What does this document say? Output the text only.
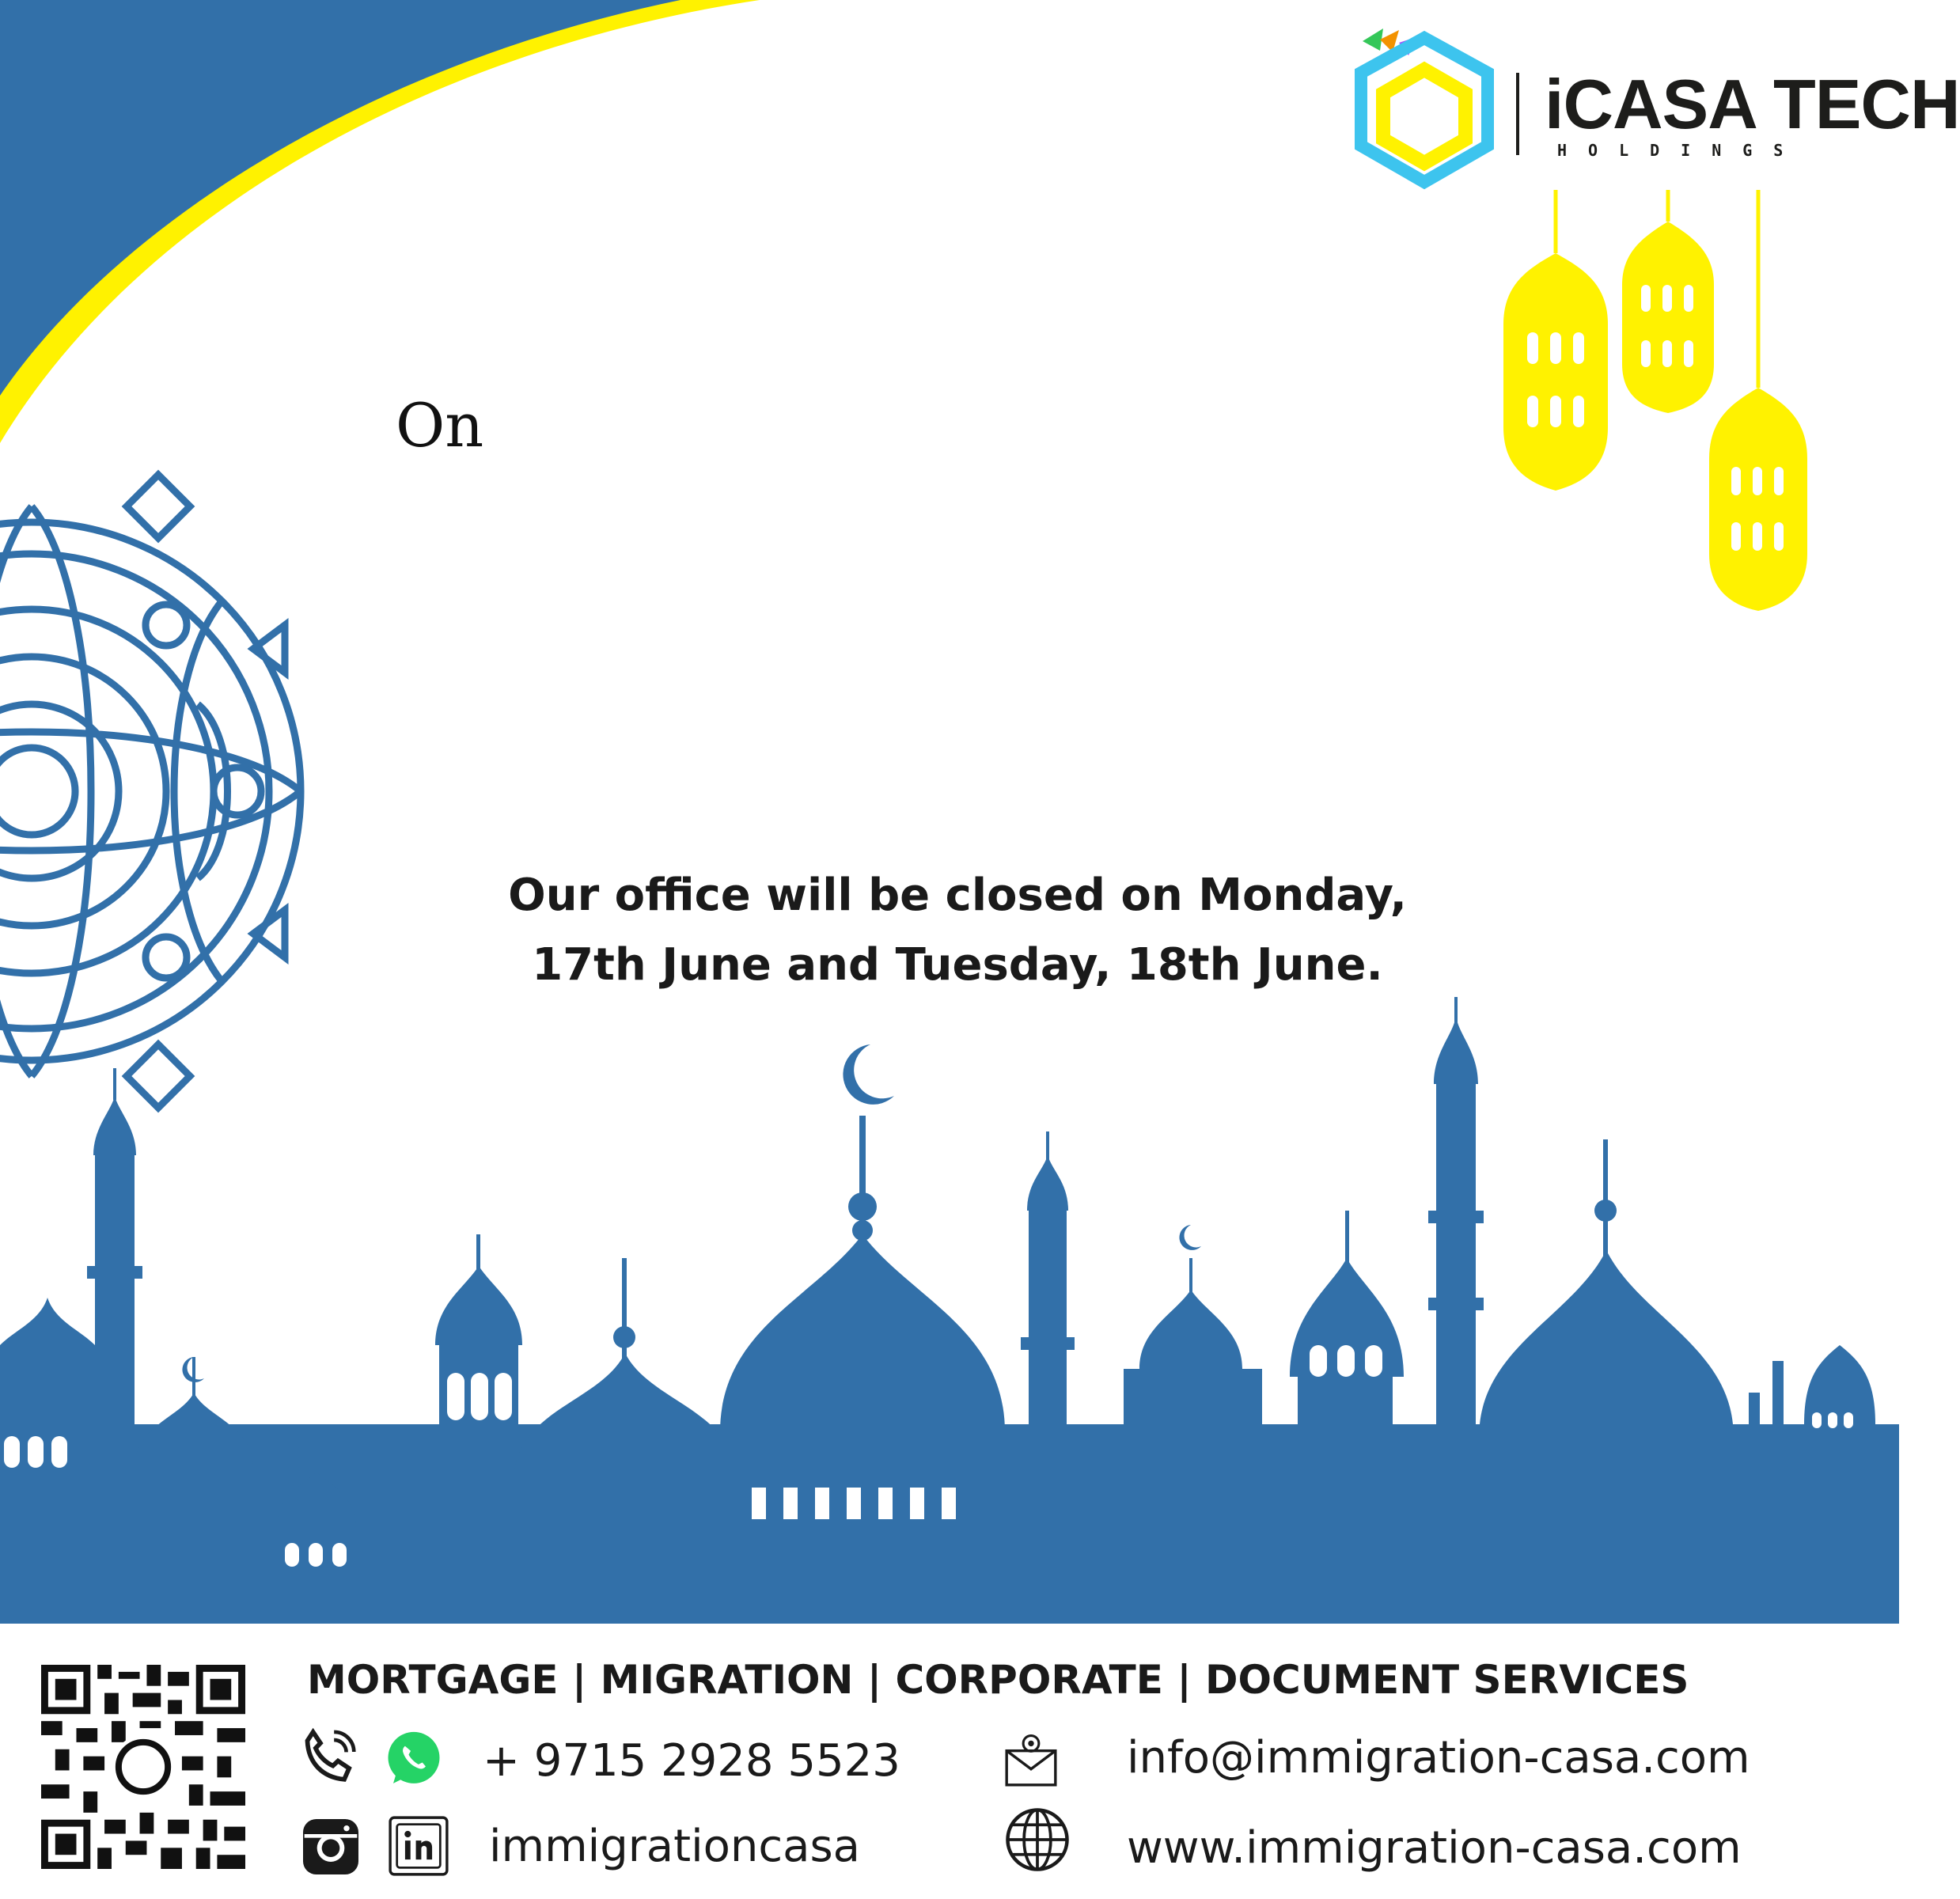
iCASA TECH
HOLDINGS
On
Our office will be closed on Monday,
17th June and Tuesday, 18th June.
MORTGAGE | MIGRATION | CORPORATE | DOCUMENT SERVICES
+ 9715 2928 5523	info@immigration-casa.com
immigrationcasa	www.immigration-casa.com
